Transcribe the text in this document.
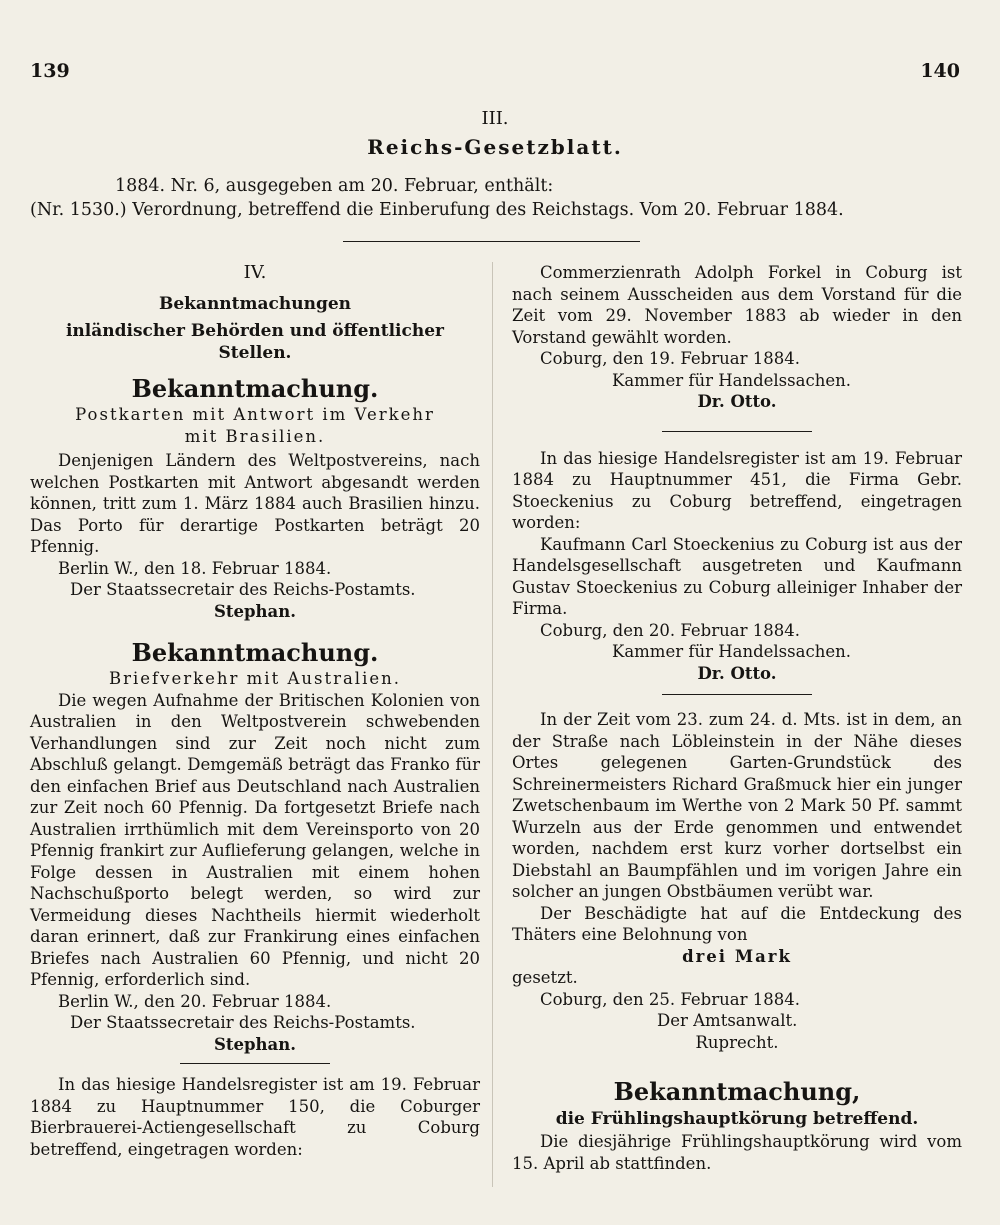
139	140
III.
Reichs-Gesetzblatt.
1884. Nr. 6, ausgegeben am 20. Februar, enthält:
(Nr. 1530.) Verordnung, betreffend die Einberufung des Reichstags. Vom 20. Februar 1884.

IV.

Bekanntmachungen

inländischer Behörden und öffentlicher Stellen.

Bekanntmachung.

Postkarten mit Antwort im Verkehr

mit Brasilien.

Denjenigen Ländern des Weltpostvereins, nach welchen Postkarten mit Antwort abgesandt werden können, tritt zum 1. März 1884 auch Brasilien hinzu. Das Porto für derartige Postkarten beträgt 20 Pfennig.

Berlin W., den 18. Februar 1884.

Der Staatssecretair des Reichs-Postamts.

Stephan.

Bekanntmachung.

Briefverkehr mit Australien.

Die wegen Aufnahme der Britischen Kolonien von Australien in den Weltpostverein schwebenden Verhandlungen sind zur Zeit noch nicht zum Abschluß gelangt. Demgemäß beträgt das Franko für den einfachen Brief aus Deutschland nach Australien zur Zeit noch 60 Pfennig. Da fortgesetzt Briefe nach Australien irrthümlich mit dem Vereinsporto von 20 Pfennig frankirt zur Auflieferung gelangen, welche in Folge dessen in Australien mit einem hohen Nachschußporto belegt werden, so wird zur Vermeidung dieses Nachtheils hiermit wiederholt daran erinnert, daß zur Frankirung eines einfachen Briefes nach Australien 60 Pfennig, und nicht 20 Pfennig, erforderlich sind.

Berlin W., den 20. Februar 1884.

Der Staatssecretair des Reichs-Postamts.

Stephan.

In das hiesige Handelsregister ist am 19. Februar 1884 zu Hauptnummer 150, die Coburger Bierbrauerei-Actiengesellschaft zu Coburg betreffend, eingetragen worden:

Commerzienrath Adolph Forkel in Coburg ist nach seinem Ausscheiden aus dem Vorstand für die Zeit vom 29. November 1883 ab wieder in den Vorstand gewählt worden.

Coburg, den 19. Februar 1884.

Kammer für Handelssachen.

Dr. Otto.

In das hiesige Handelsregister ist am 19. Februar 1884 zu Hauptnummer 451, die Firma Gebr. Stoeckenius zu Coburg betreffend, eingetragen worden:

Kaufmann Carl Stoeckenius zu Coburg ist aus der Handelsgesellschaft ausgetreten und Kaufmann Gustav Stoeckenius zu Coburg alleiniger Inhaber der Firma.

Coburg, den 20. Februar 1884.

Kammer für Handelssachen.

Dr. Otto.

In der Zeit vom 23. zum 24. d. Mts. ist in dem, an der Straße nach Löbleinstein in der Nähe dieses Ortes gelegenen Garten-Grundstück des Schreinermeisters Richard Graßmuck hier ein junger Zwetschenbaum im Werthe von 2 Mark 50 Pf. sammt Wurzeln aus der Erde genommen und entwendet worden, nachdem erst kurz vorher dortselbst ein Diebstahl an Baumpfählen und im vorigen Jahre ein solcher an jungen Obstbäumen verübt war.

Der Beschädigte hat auf die Entdeckung des Thäters eine Belohnung von

drei Mark

gesetzt.

Coburg, den 25. Februar 1884.

Der Amtsanwalt.

Ruprecht.

Bekanntmachung,

die Frühlingshauptkörung betreffend.

Die diesjährige Frühlingshauptkörung wird vom 15. April ab stattfinden.
